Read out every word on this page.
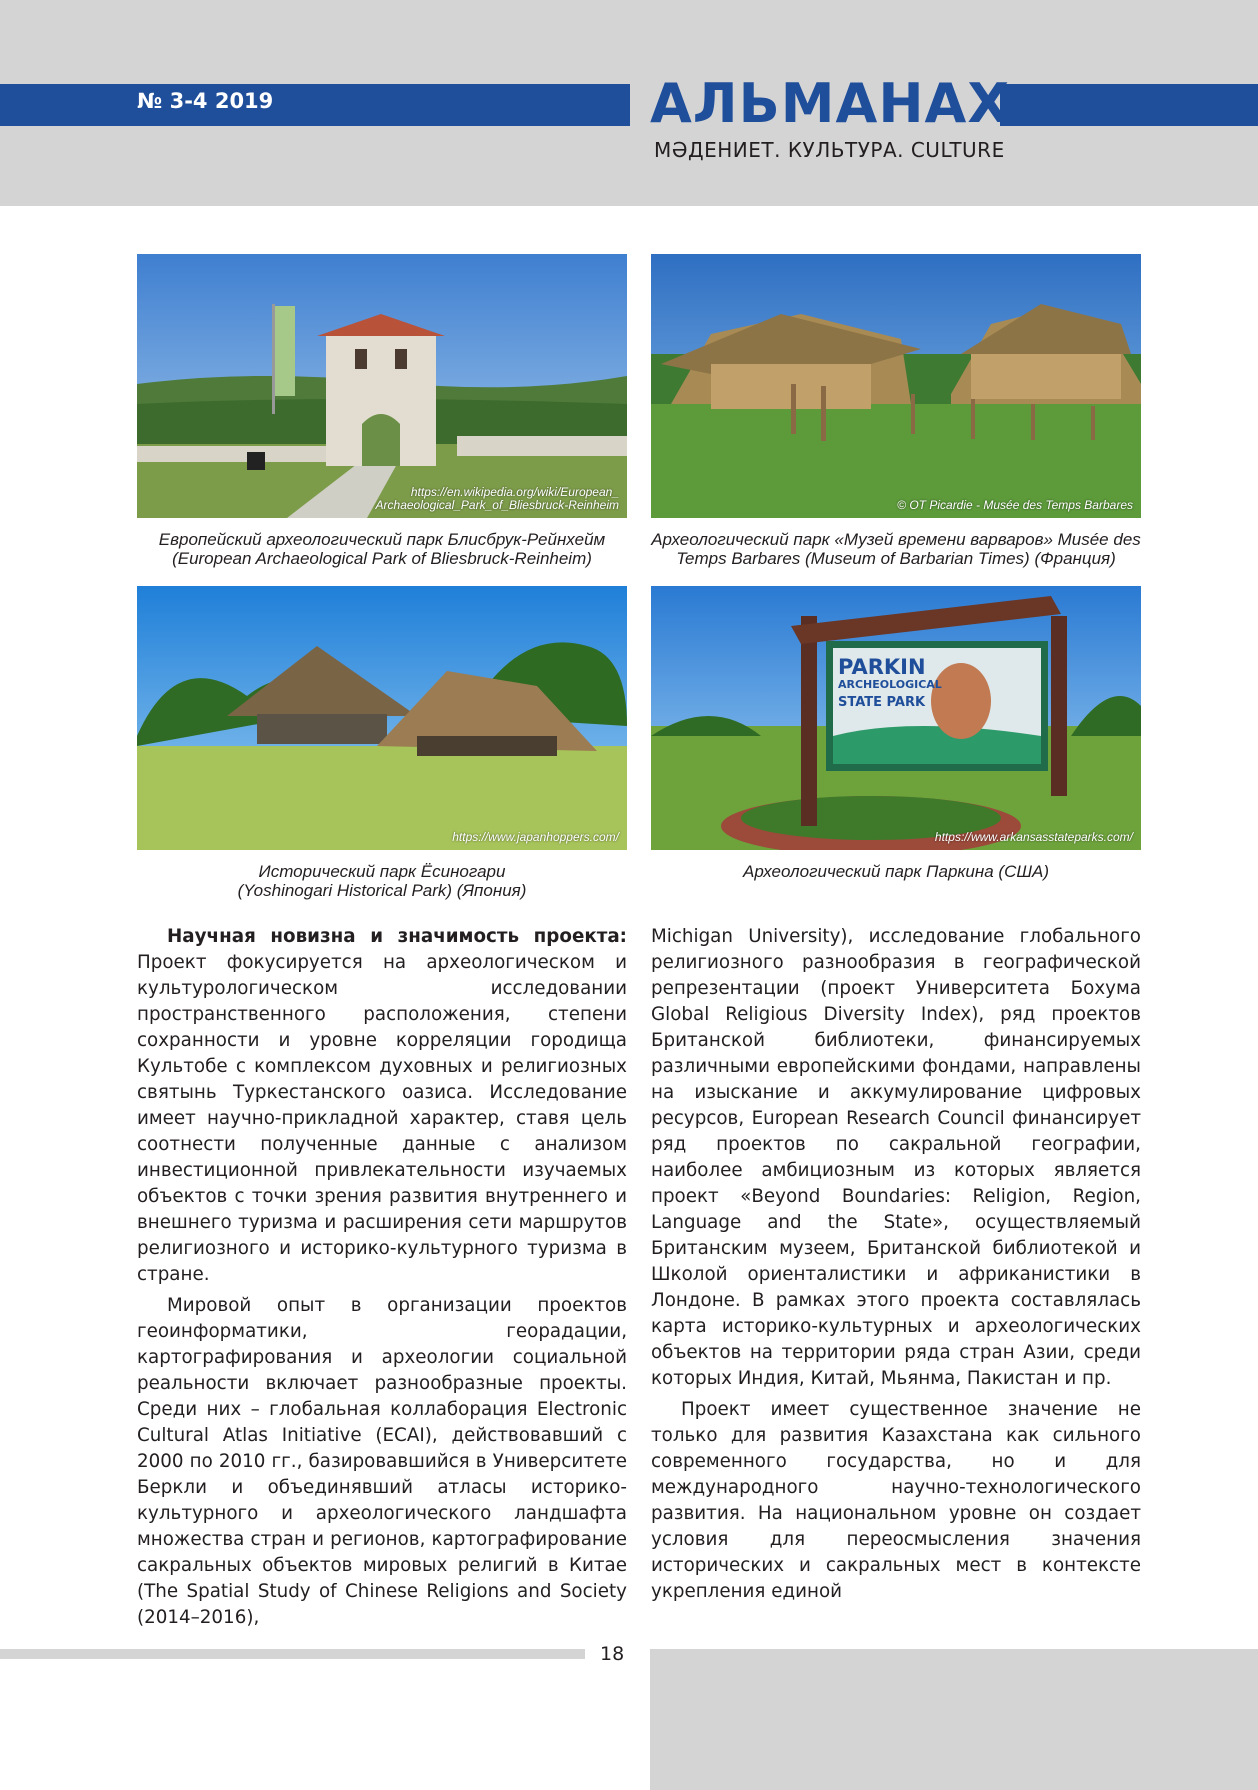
№ 3-4 2019	АЛЬМАНАХ
МӘДЕНИЕТ. КУЛЬТУРА. CULTURE
https://en.wikipedia.org/wiki/European_
Archaeological_Park_of_Bliesbruck-Reinheim
Европейский археологический парк Блисбрук-Рейнхейм
(European Archaeological Park of Bliesbruck-Reinheim)
© OT Picardie - Musée des Temps Barbares
Археологический парк «Музей времени варваров» Musée des
Temps Barbares (Museum of Barbarian Times) (Франция)
https://www.japanhoppers.com/
Исторический парк Ёсиногари
(Yoshinogari Historical Park) (Япония)
PARKIN
ARCHEOLOGICAL
STATE PARK
https://www.arkansasstateparks.com/
Археологический парк Паркина (США)

Научная новизна и значимость проекта: Проект фокусируется на археологическом и культурологическом исследовании пространственного расположения, степени сохранности и уровне корреляции городища Культобе с комплексом духовных и религиозных святынь Туркестанского оазиса. Исследование имеет научно-прикладной характер, ставя цель соотнести полученные данные с анализом инвестиционной привлекательности изучаемых объектов с точки зрения развития внутреннего и внешнего туризма и расширения сети маршрутов религиозного и историко-культурного туризма в стране.

Мировой опыт в организации проектов геоинформатики, георадации, картографирования и археологии социальной реальности включает разнообразные проекты. Среди них – глобальная коллаборация Electronic Cultural Atlas Initiative (ECAI), действовавший с 2000 по 2010 гг., базировавшийся в Университете Беркли и объединявший атласы историко-культурного и археологического ландшафта множества стран и регионов, картографирование сакральных объектов мировых религий в Китае (The Spatial Study of Chinese Religions and Society (2014–2016),

Michigan University), исследование глобального религиозного разнообразия в географической репрезентации (проект Университета Бохума Global Religious Diversity Index), ряд проектов Британской библиотеки, финансируемых различными европейскими фондами, направлены на изыскание и аккумулирование цифровых ресурсов, European Research Council финансирует ряд проектов по сакральной географии, наиболее амбициозным из которых является проект «Beyond Boundaries: Religion, Region, Language and the State», осуществляемый Британским музеем, Британской библиотекой и Школой ориенталистики и африканистики в Лондоне. В рамках этого проекта составлялась карта историко-культурных и археологических объектов на территории ряда стран Азии, среди которых Индия, Китай, Мьянма, Пакистан и пр.

Проект имеет существенное значение не только для развития Казахстана как сильного современного государства, но и для международного научно-технологического развития. На национальном уровне он создает условия для переосмысления значения исторических и сакральных мест в контексте укрепления единой

18
